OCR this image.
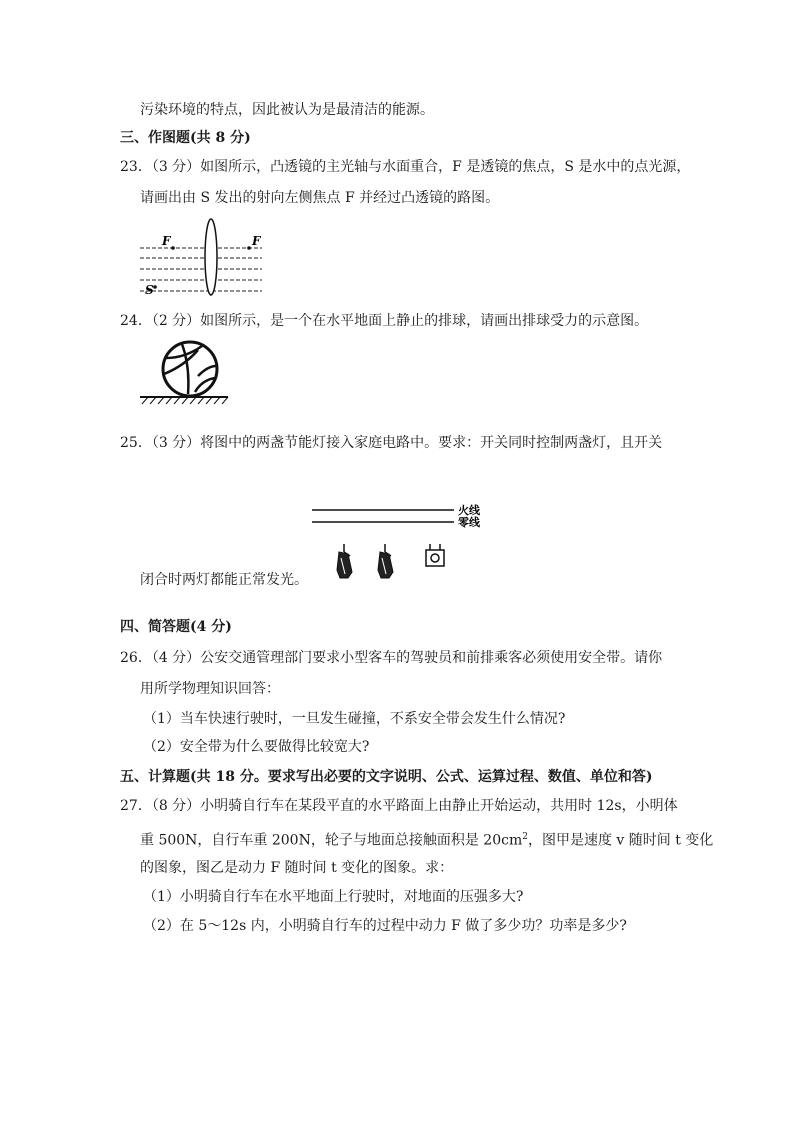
污染环境的特点，因此被认为是最清洁的能源。
三、作图题(共 8 分)
23．（3 分）如图所示，凸透镜的主光轴与水面重合，F 是透镜的焦点，S 是水中的点光源，
请画出由 S 发出的射向左侧焦点 F 并经过凸透镜的路图。
F	F
S
24．（2 分）如图所示，是一个在水平地面上静止的排球，请画出排球受力的示意图。
25．（3 分）将图中的两盏节能灯接入家庭电路中。要求：开关同时控制两盏灯，且开关
火线
零线
闭合时两灯都能正常发光。
四、简答题(4 分)
26．（4 分）公安交通管理部门要求小型客车的驾驶员和前排乘客必须使用安全带。请你
用所学物理知识回答：
（1）当车快速行驶时，一旦发生碰撞，不系安全带会发生什么情况?
（2）安全带为什么要做得比较宽大?
五、计算题(共 18 分。要求写出必要的文字说明、公式、运算过程、数值、单位和答)
27．（8 分）小明骑自行车在某段平直的水平路面上由静止开始运动，共用时 12s，小明体
重 500N，自行车重 200N，轮子与地面总接触面积是 $20cm^2$，图甲是速度 v 随时间 t 变化
的图象，图乙是动力 F 随时间 t 变化的图象。求：
（1）小明骑自行车在水平地面上行驶时，对地面的压强多大?
（2）在 5～12s 内，小明骑自行车的过程中动力 F 做了多少功？功率是多少?
